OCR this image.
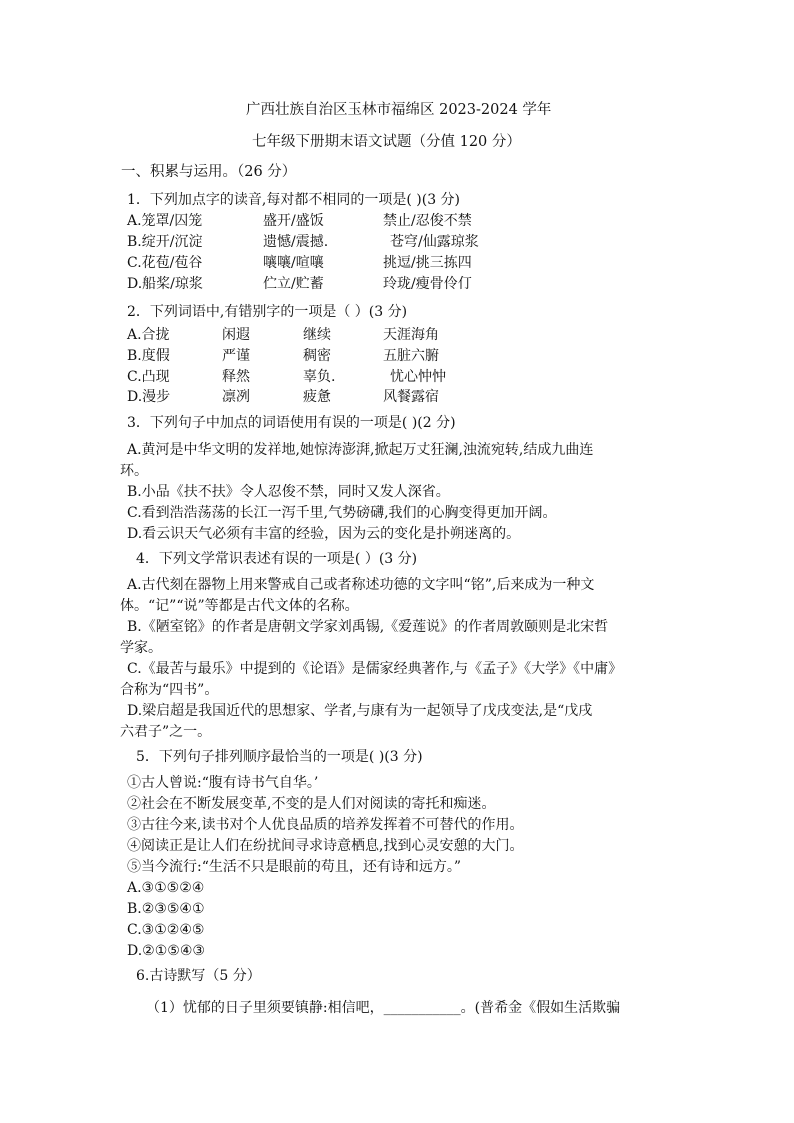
广西壮族自治区玉林市福绵区 2023-2024 学年
七年级下册期末语文试题（分值 120 分）
一、积累与运用。（26 分）
1．下列加点字的读音,每对都不相同的一项是( )(3 分)
A.笼罩/囚笼	盛开/盛饭	禁止/忍俊不禁
B.绽开/沉淀	遗憾/震撼.	苍穹/仙露琼浆
C.花苞/苞谷	嚷嚷/喧嚷	挑逗/挑三拣四
D.船桨/琼浆	伫立/贮蓄	玲珑/瘦骨伶仃
2．下列词语中,有错别字的一项是（ ）(3 分)
A.合拢	闲遐	继续	天涯海角
B.度假	严谨	稠密	五脏六腑
C.凸现	释然	辜负.	忧心忡忡
D.漫步	凛冽	疲惫	风餐露宿
3．下列句子中加点的词语使用有误的一项是( )(2 分)
A.黄河是中华文明的发祥地,她惊涛澎湃,掀起万丈狂澜,浊流宛转,结成九曲连
环。
B.小品《扶不扶》令人忍俊不禁，同时又发人深省。
C.看到浩浩荡荡的长江一泻千里,气势磅礴,我们的心胸变得更加开阔。
D.看云识天气必须有丰富的经验，因为云的变化是扑朔迷离的。
4．下列文学常识表述有误的一项是( ）(3 分)
A.古代刻在器物上用来警戒自己或者称述功德的文字叫“铭”,后来成为一种文
体。“记”“说”等都是古代文体的名称。
B.《陋室铭》的作者是唐朝文学家刘禹锡,《爱莲说》的作者周敦颐则是北宋哲
学家。
C.《最苦与最乐》中提到的《论语》是儒家经典著作,与《孟子》《大学》《中庸》
合称为“四书”。
D.梁启超是我国近代的思想家、学者,与康有为一起领导了戊戌变法,是“戊戌
六君子”之一。
5．下列句子排列顺序最恰当的一项是( )(3 分)
①古人曾说:“腹有诗书气自华。’
②社会在不断发展变革,不变的是人们对阅读的寄托和痴迷。
③古往今来,读书对个人优良品质的培养发挥着不可替代的作用。
④阅读正是让人们在纷扰间寻求诗意栖息,找到心灵安憩的大门。
⑤当今流行:“生活不只是眼前的苟且，还有诗和远方。”
A.③①⑤②④
B.②③⑤④①
C.③①②④⑤
D.②①⑤④③
6.古诗默写（5 分）
（1）忧郁的日子里须要镇静:相信吧，___________。(普希金《假如生活欺骗
